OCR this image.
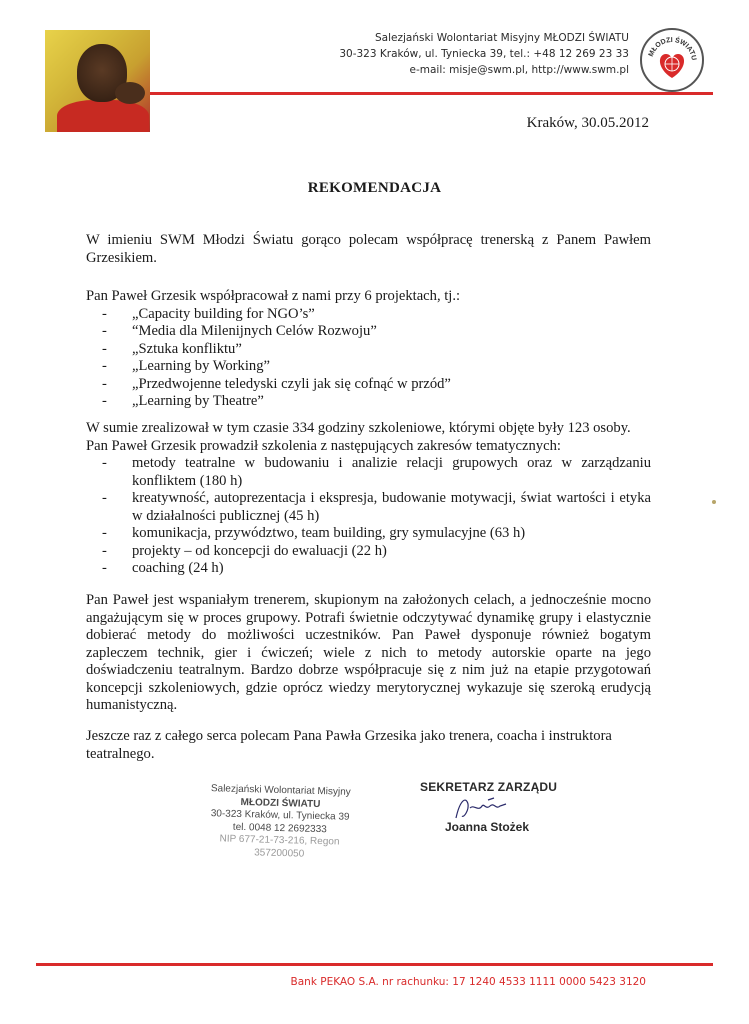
Salezjański Wolontariat Misyjny MŁODZI ŚWIATU
30-323 Kraków, ul. Tyniecka 39, tel.: +48 12 269 23 33
e-mail: misje@swm.pl, http://www.swm.pl
MŁODZI ŚWIATU
Kraków, 30.05.2012
REKOMENDACJA

W imieniu SWM Młodzi Światu gorąco polecam współpracę trenerską z Panem Pawłem Grzesikiem.

Pan Paweł Grzesik współpracował z nami przy 6 projektach, tj.:

- „Capacity building for NGO’s”
- “Media dla Milenijnych Celów Rozwoju”
- „Sztuka konfliktu”
- „Learning by Working”
- „Przedwojenne teledyski czyli jak się cofnąć w przód”
- „Learning by Theatre”

W sumie zrealizował w tym czasie 334 godziny szkoleniowe, którymi objęte były 123 osoby.

Pan Paweł Grzesik prowadził szkolenia z następujących zakresów tematycznych:

- metody teatralne w budowaniu i analizie relacji grupowych oraz w zarządzaniu konfliktem (180 h)
- kreatywność, autoprezentacja i ekspresja, budowanie motywacji, świat wartości i etyka w działalności publicznej (45 h)
- komunikacja, przywództwo, team building, gry symulacyjne (63 h)
- projekty – od koncepcji do ewaluacji (22 h)
- coaching (24 h)

Pan Paweł jest wspaniałym trenerem, skupionym na założonych celach, a jednocześnie mocno angażującym się w proces grupowy. Potrafi świetnie odczytywać dynamikę grupy i elastycznie dobierać metody do możliwości uczestników. Pan Paweł dysponuje również bogatym zapleczem technik, gier i ćwiczeń; wiele z nich to metody autorskie oparte na jego doświadczeniu teatralnym. Bardzo dobrze współpracuje się z nim już na etapie przygotowań koncepcji szkoleniowych, gdzie oprócz wiedzy merytorycznej wykazuje się szeroką erudycją humanistyczną.

Jeszcze raz z całego serca polecam Pana Pawła Grzesika jako trenera, coacha i instruktora teatralnego.

Salezjański Wolontariat Misyjny
MŁODZI ŚWIATU
30-323 Kraków, ul. Tyniecka 39
tel. 0048 12 2692333
NIP 677-21-73-216, Regon 357200050
SEKRETARZ ZARZĄDU
Joanna Stożek
Bank PEKAO S.A. nr rachunku: 17 1240 4533 1111 0000 5423 3120
